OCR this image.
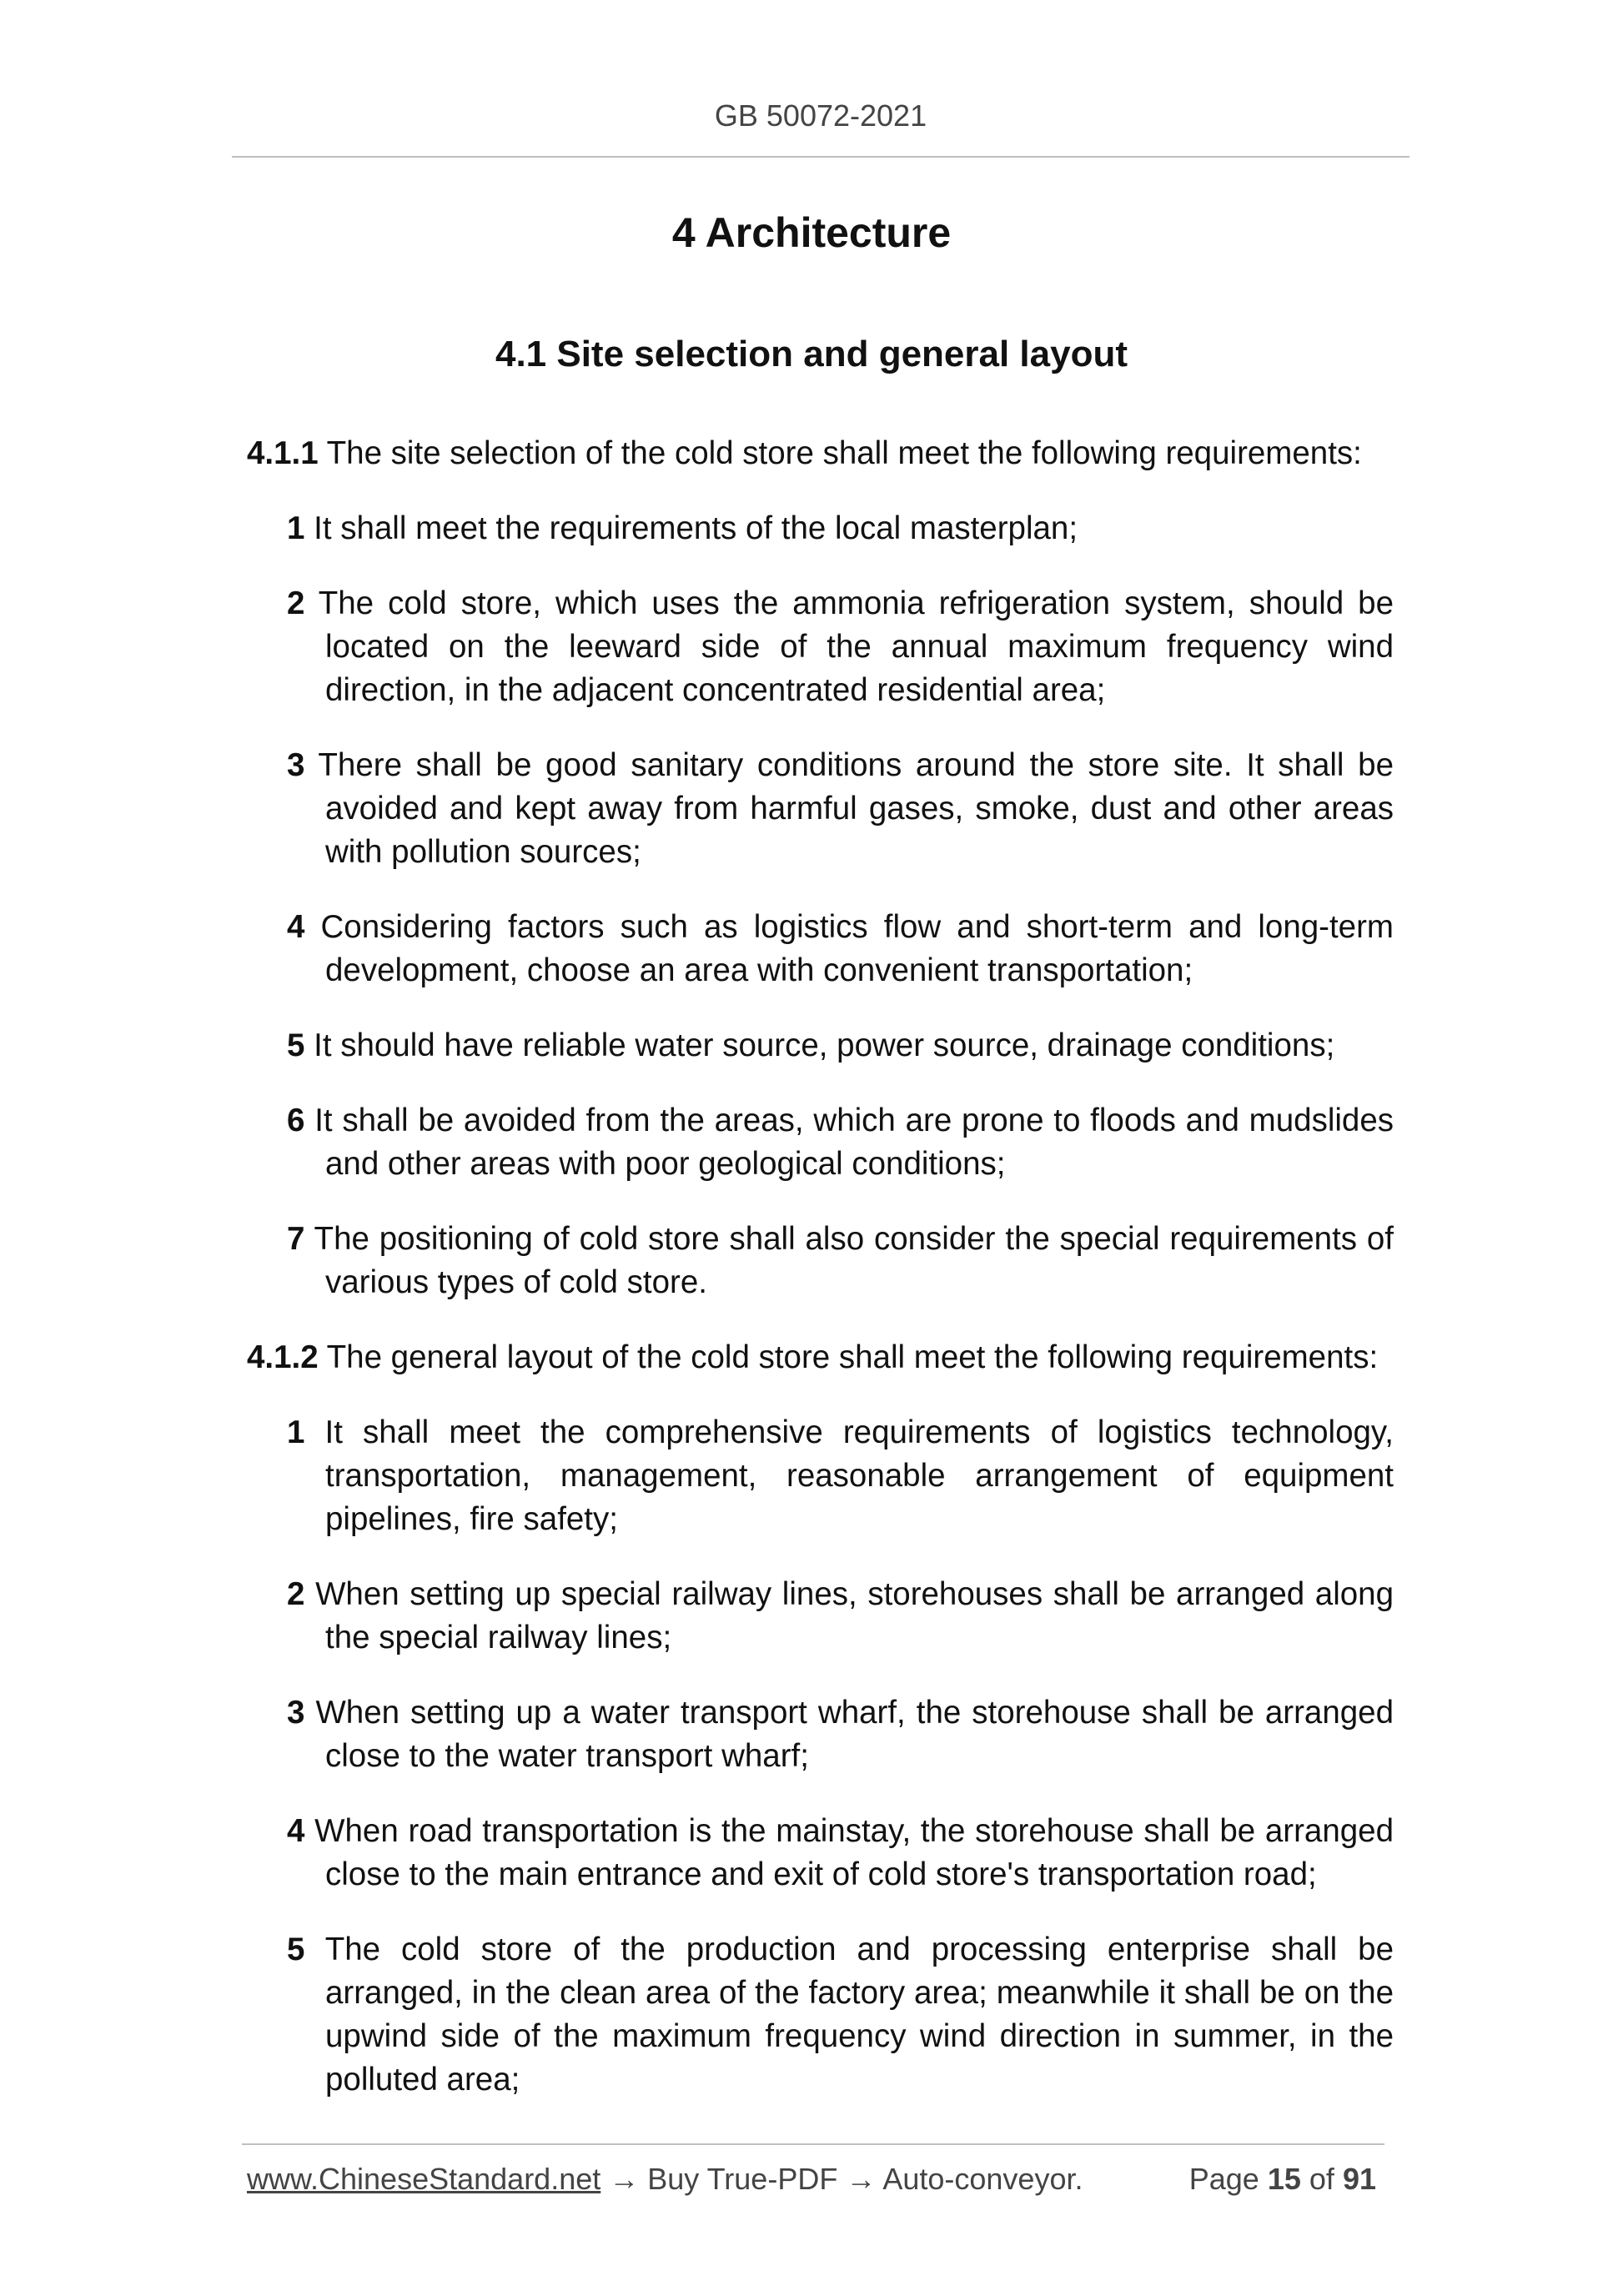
GB 50072-2021
4 Architecture
4.1 Site selection and general layout

4.1.1 The site selection of the cold store shall meet the following requirements:

1 It shall meet the requirements of the local masterplan;

2 The cold store, which uses the ammonia refrigeration system, should be located on the leeward side of the annual maximum frequency wind direction, in the adjacent concentrated residential area;

3 There shall be good sanitary conditions around the store site. It shall be avoided and kept away from harmful gases, smoke, dust and other areas with pollution sources;

4 Considering factors such as logistics flow and short-term and long-term development, choose an area with convenient transportation;

5 It should have reliable water source, power source, drainage conditions;

6 It shall be avoided from the areas, which are prone to floods and mudslides and other areas with poor geological conditions;

7 The positioning of cold store shall also consider the special requirements of various types of cold store.

4.1.2 The general layout of the cold store shall meet the following requirements:

1 It shall meet the comprehensive requirements of logistics technology, transportation, management, reasonable arrangement of equipment pipelines, fire safety;

2 When setting up special railway lines, storehouses shall be arranged along the special railway lines;

3 When setting up a water transport wharf, the storehouse shall be arranged close to the water transport wharf;

4 When road transportation is the mainstay, the storehouse shall be arranged close to the main entrance and exit of cold store's transportation road;

5 The cold store of the production and processing enterprise shall be arranged, in the clean area of the factory area; meanwhile it shall be on the upwind side of the maximum frequency wind direction in summer, in the polluted area;

www.ChineseStandard.net → Buy True-PDF → Auto-conveyor.	Page 15 of 91
